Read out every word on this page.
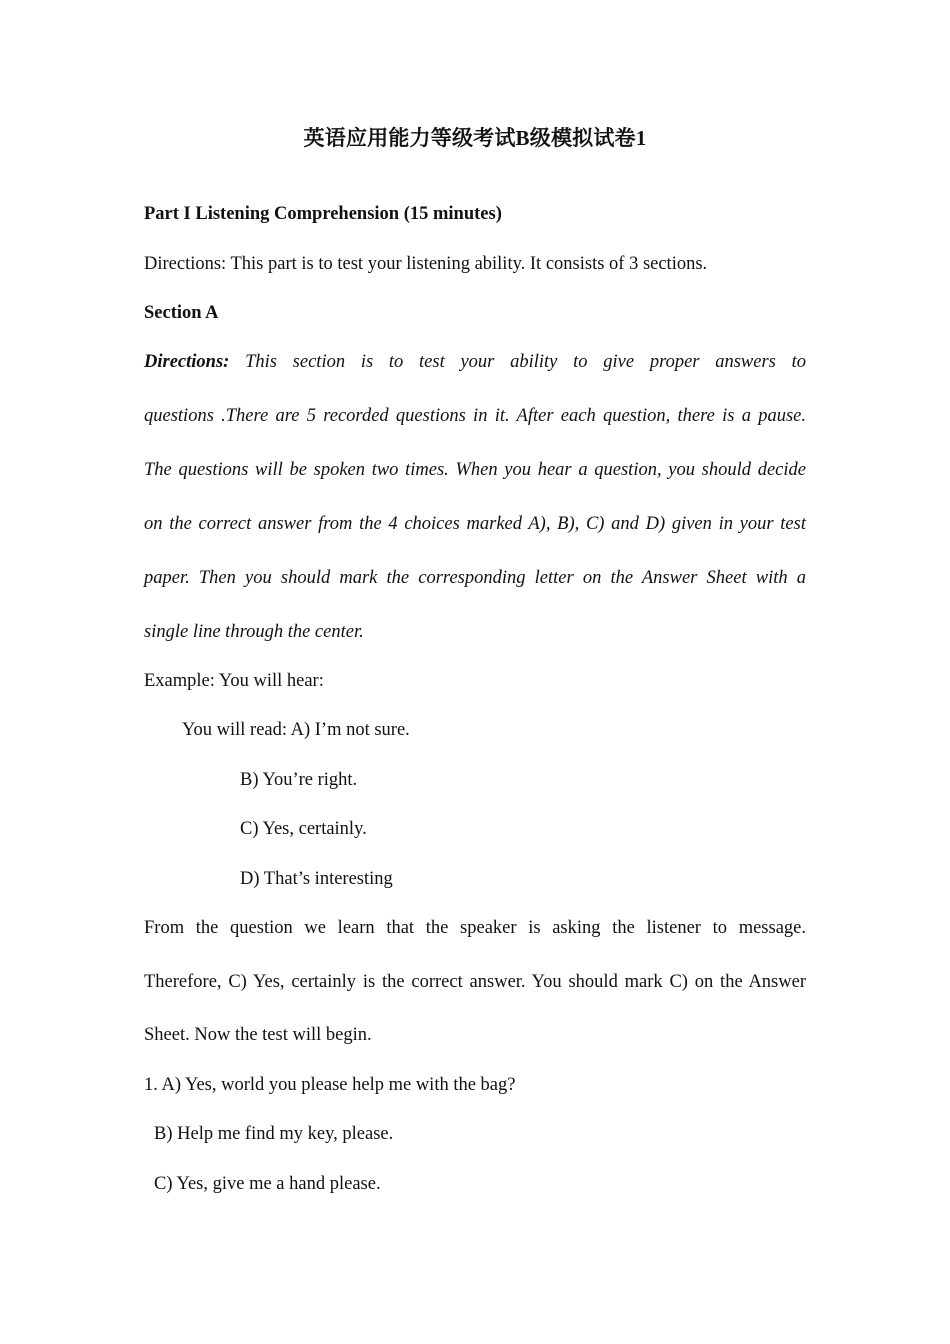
英语应用能力等级考试B级模拟试卷1
Part I Listening Comprehension (15 minutes)
Directions: This part is to test your listening ability. It consists of 3 sections.
Section A
Directions: This section is to test your ability to give proper answers to
questions .There are 5 recorded questions in it. After each question, there is a pause.
The questions will be spoken two times. When you hear a question, you should decide
on the correct answer from the 4 choices marked A), B), C) and D) given in your test
paper. Then you should mark the corresponding letter on the Answer Sheet with a
single line through the center.
Example: You will hear:
You will read: A) I’m not sure.
B) You’re right.
C) Yes, certainly.
D) That’s interesting
From the question we learn that the speaker is asking the listener to message.
Therefore, C) Yes, certainly is the correct answer. You should mark C) on the Answer
Sheet. Now the test will begin.
1. A) Yes, world you please help me with the bag?
B) Help me find my key, please.
C) Yes, give me a hand please.
